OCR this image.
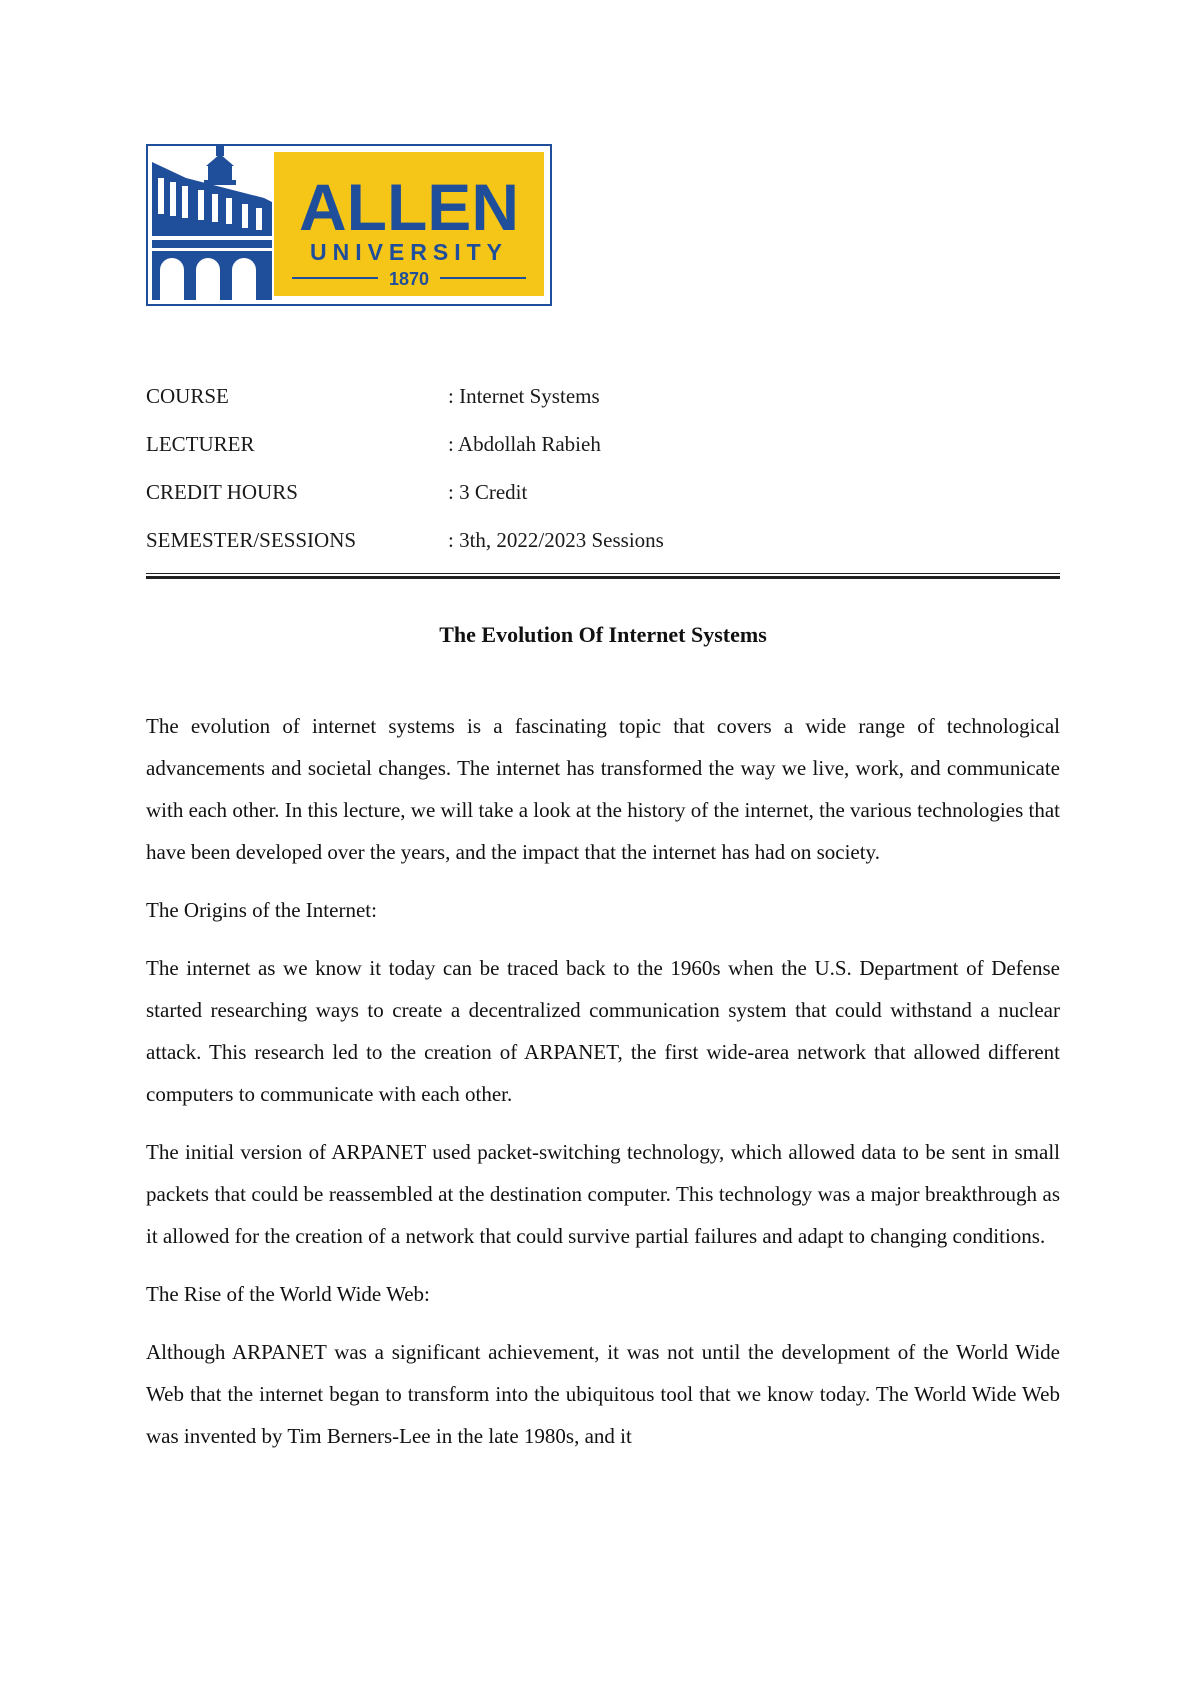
ALLEN
UNIVERSITY
1870
COURSE	: Internet Systems
LECTURER	: Abdollah Rabieh
CREDIT HOURS	: 3 Credit
SEMESTER/SESSIONS	: 3th, 2022/2023 Sessions
The Evolution Of Internet Systems

The evolution of internet systems is a fascinating topic that covers a wide range of technological advancements and societal changes. The internet has transformed the way we live, work, and communicate with each other. In this lecture, we will take a look at the history of the internet, the various technologies that have been developed over the years, and the impact that the internet has had on society.

The Origins of the Internet:

The internet as we know it today can be traced back to the 1960s when the U.S. Department of Defense started researching ways to create a decentralized communication system that could withstand a nuclear attack. This research led to the creation of ARPANET, the first wide-area network that allowed different computers to communicate with each other.

The initial version of ARPANET used packet-switching technology, which allowed data to be sent in small packets that could be reassembled at the destination computer. This technology was a major breakthrough as it allowed for the creation of a network that could survive partial failures and adapt to changing conditions.

The Rise of the World Wide Web:

Although ARPANET was a significant achievement, it was not until the development of the World Wide Web that the internet began to transform into the ubiquitous tool that we know today. The World Wide Web was invented by Tim Berners-Lee in the late 1980s, and it
